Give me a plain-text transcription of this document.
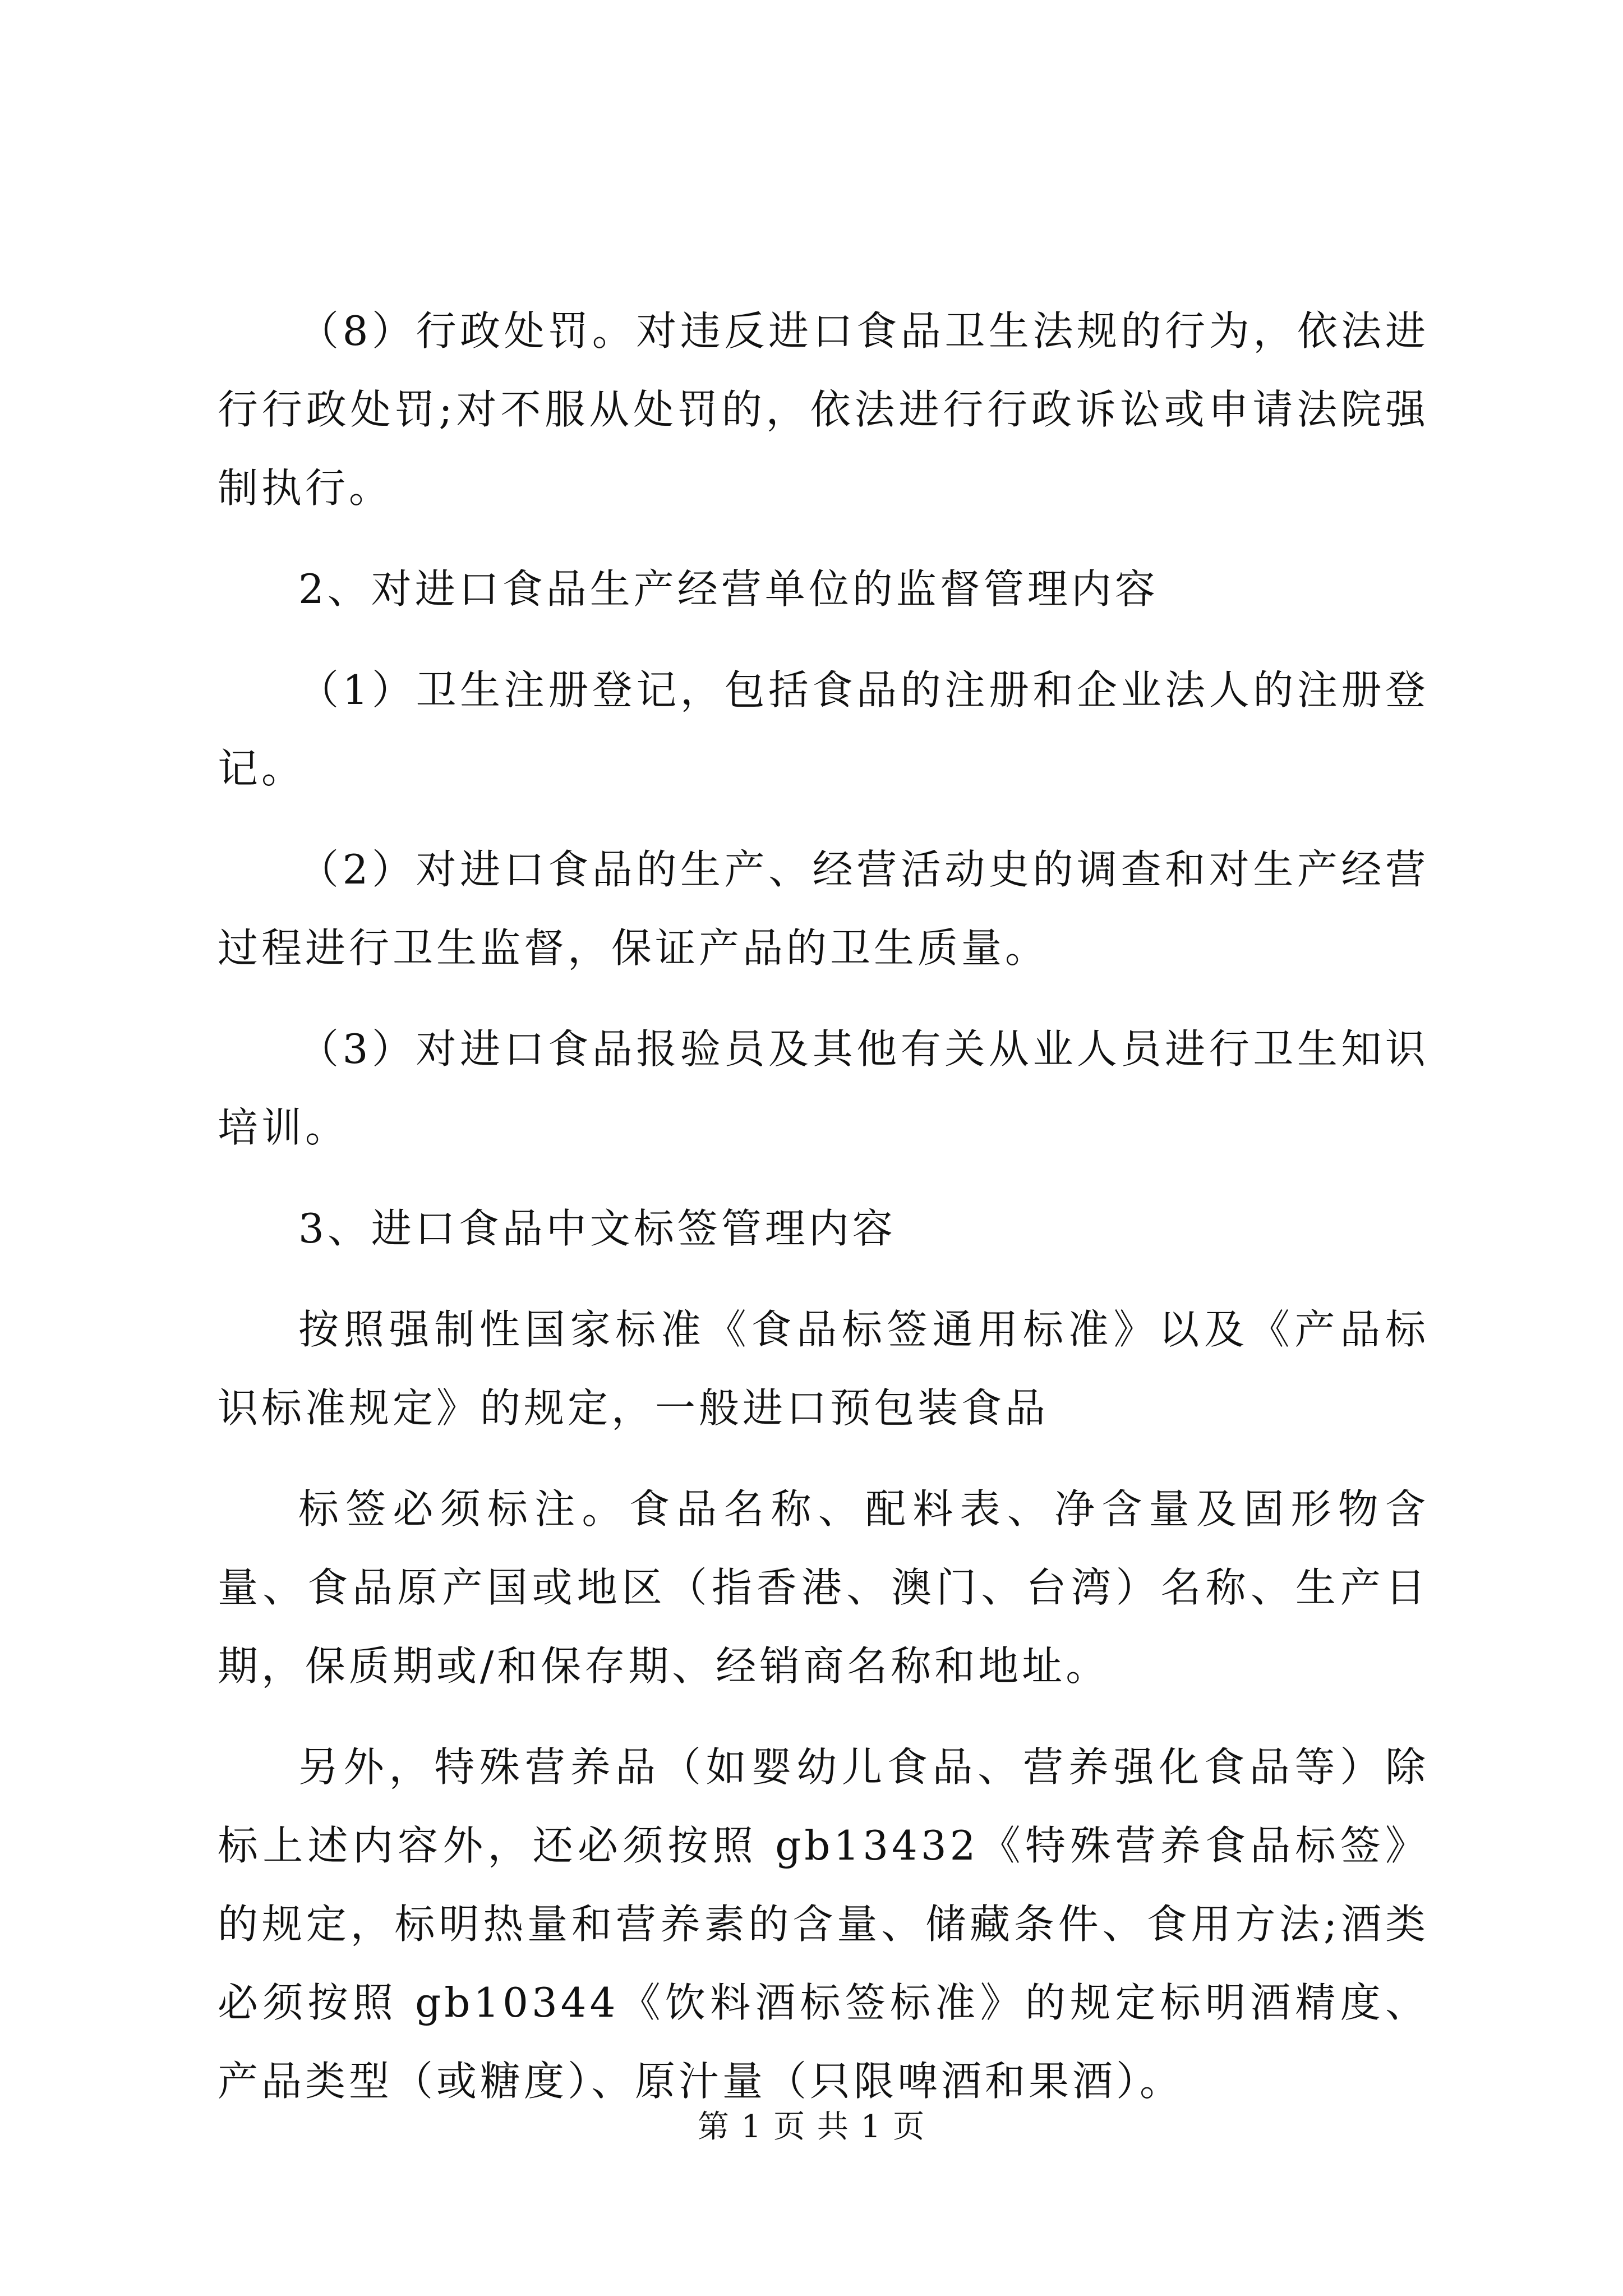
（8）行政处罚。对违反进口食品卫生法规的行为，依法进行行政处罚;对不服从处罚的，依法进行行政诉讼或申请法院强制执行。

2、对进口食品生产经营单位的监督管理内容

（1）卫生注册登记，包括食品的注册和企业法人的注册登记。

（2）对进口食品的生产、经营活动史的调查和对生产经营过程进行卫生监督，保证产品的卫生质量。

（3）对进口食品报验员及其他有关从业人员进行卫生知识培训。

3、进口食品中文标签管理内容

按照强制性国家标准《食品标签通用标准》以及《产品标识标准规定》的规定，一般进口预包装食品

标签必须标注。食品名称、配料表、净含量及固形物含量、食品原产国或地区（指香港、澳门、台湾）名称、生产日期，保质期或/和保存期、经销商名称和地址。

另外，特殊营养品（如婴幼儿食品、营养强化食品等）除标上述内容外，还必须按照 gb13432《特殊营养食品标签》的规定，标明热量和营养素的含量、储藏条件、食用方法;酒类必须按照 gb10344《饮料酒标签标准》的规定标明酒精度、产品类型（或糖度）、原汁量（只限啤酒和果酒）。

第 1 页 共 1 页
